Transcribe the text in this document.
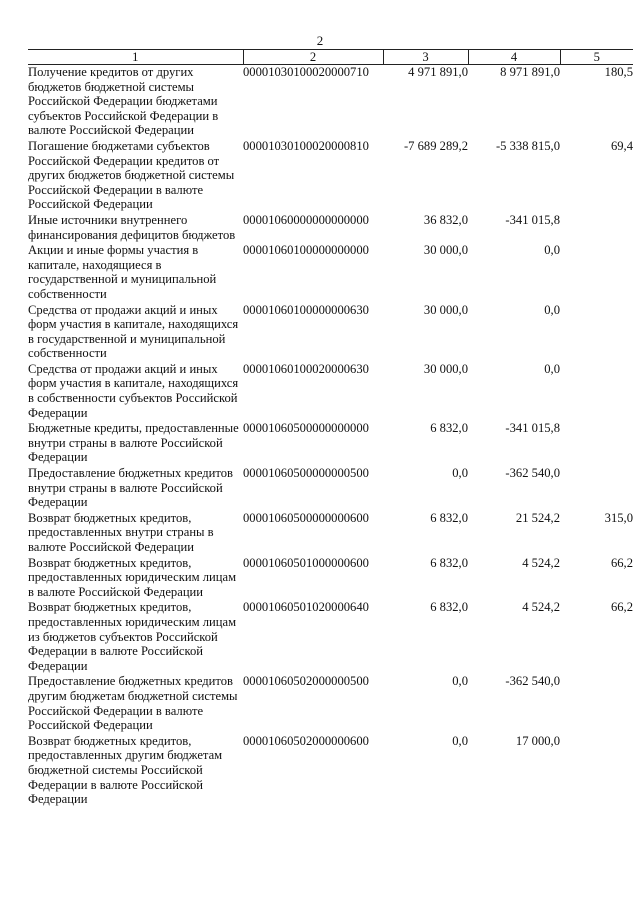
2
1	2	3	4	5
Получение кредитов от других бюджетов бюджетной системы Российской Федерации бюджетами субъектов Российской Федерации в валюте Российской Федерации	00001030100020000710	4 971 891,0	8 971 891,0	180,5
Погашение бюджетами субъектов Российской Федерации кредитов от других бюджетов бюджетной системы Российской Федерации в валюте Российской Федерации	00001030100020000810	-7 689 289,2	-5 338 815,0	69,4
Иные источники внутреннего финансирования дефицитов бюджетов	00001060000000000000	36 832,0	-341 015,8	
Акции и иные формы участия в капитале, находящиеся в государственной и муниципальной собственности	00001060100000000000	30 000,0	0,0	
Средства от продажи акций и иных форм участия в капитале, находящихся в государственной и муниципальной собственности	00001060100000000630	30 000,0	0,0	
Средства от продажи акций и иных форм участия в капитале, находящихся в собственности субъектов Российской Федерации	00001060100020000630	30 000,0	0,0	
Бюджетные кредиты, предоставленные внутри страны в валюте Российской Федерации	00001060500000000000	6 832,0	-341 015,8	
Предоставление бюджетных кредитов внутри страны в валюте Российской Федерации	00001060500000000500	0,0	-362 540,0	
Возврат бюджетных кредитов, предоставленных внутри страны в валюте Российской Федерации	00001060500000000600	6 832,0	21 524,2	315,0
Возврат бюджетных кредитов, предоставленных юридическим лицам в валюте Российской Федерации	00001060501000000600	6 832,0	4 524,2	66,2
Возврат бюджетных кредитов, предоставленных юридическим лицам из бюджетов субъектов Российской Федерации в валюте Российской Федерации	00001060501020000640	6 832,0	4 524,2	66,2
Предоставление бюджетных кредитов другим бюджетам бюджетной системы Российской Федерации в валюте Российской Федерации	00001060502000000500	0,0	-362 540,0	
Возврат бюджетных кредитов, предоставленных другим бюджетам бюджетной системы Российской Федерации в валюте Российской Федерации	00001060502000000600	0,0	17 000,0	
